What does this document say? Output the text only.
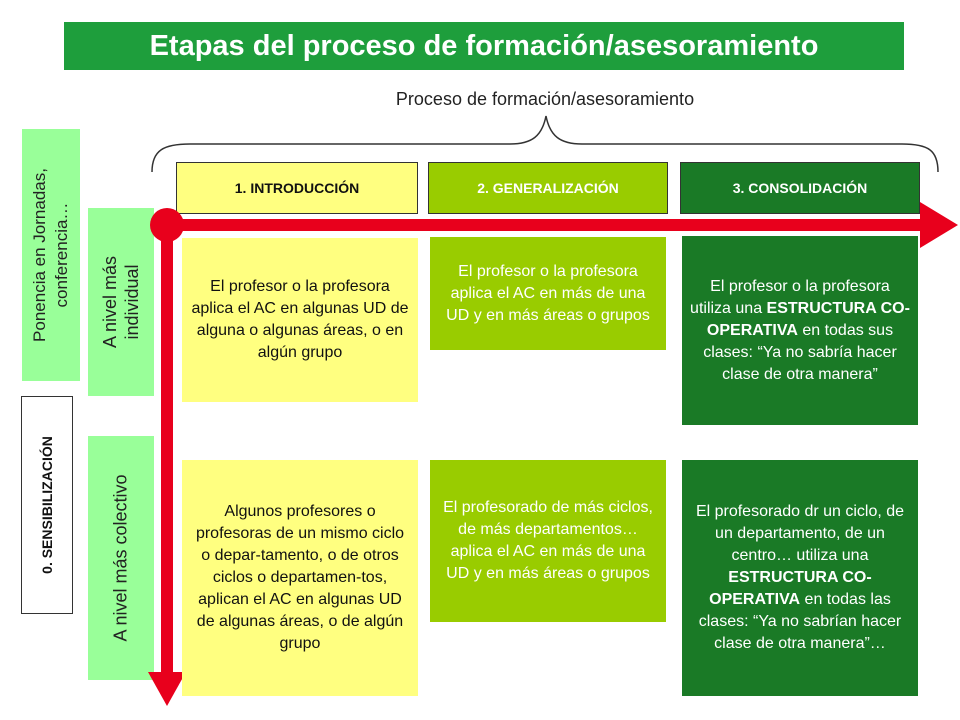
Etapas del proceso de formación/asesoramiento
Proceso de formación/asesoramiento
Ponencia en Jornadas, conferencia…
0. SENSIBILIZACIÓN
A nivel más individual
A nivel más colectivo
1. INTRODUCCIÓN	2. GENERALIZACIÓN	3. CONSOLIDACIÓN
El profesor o la profesora aplica el AC en algunas UD de alguna o algunas áreas, o en algún grupo
El profesor o la profesora aplica el AC en más de una UD y en más áreas o grupos
El profesor o la profesora utiliza una ESTRUCTURA CO-OPERATIVA en todas sus clases: “Ya no sabría hacer clase de otra manera”
Algunos profesores o profesoras de un mismo ciclo o depar-tamento, o de otros ciclos o departamen-tos, aplican el AC en algunas UD de algunas áreas, o de algún grupo
El profesorado de más ciclos, de más departamentos… aplica el AC en más de una UD y en más áreas o grupos
El profesorado dr un ciclo, de un departamento, de un centro… utiliza una ESTRUCTURA CO-OPERATIVA en todas las clases: “Ya no sabrían hacer clase de otra manera”…
